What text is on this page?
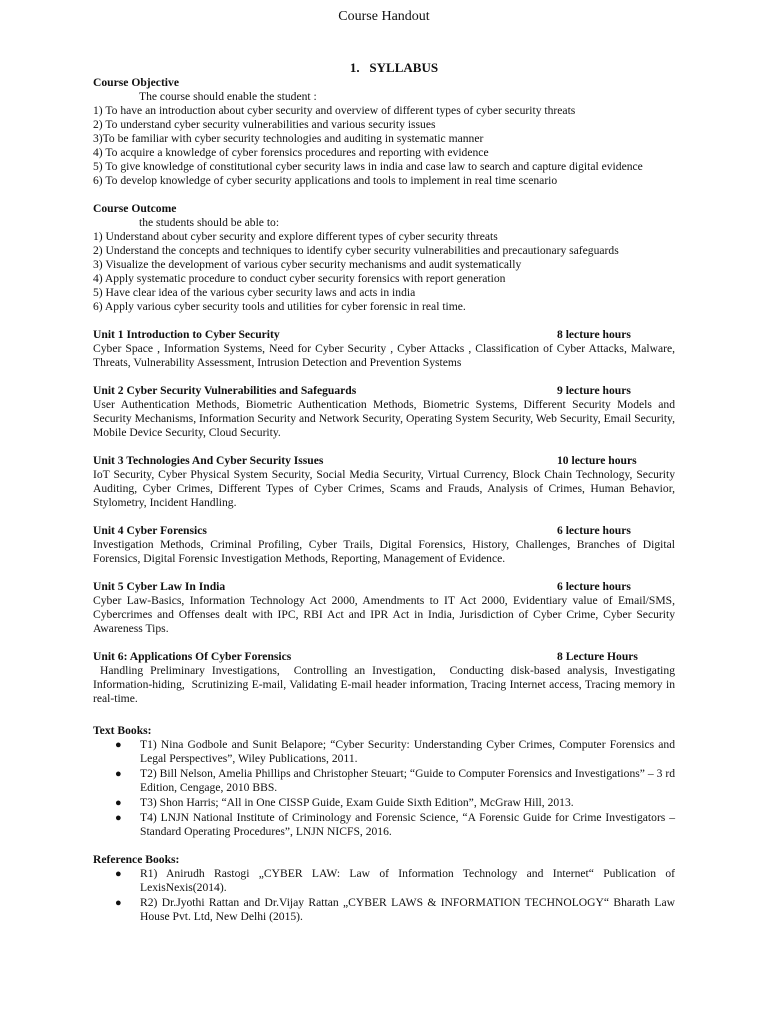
Course Handout
1.   SYLLABUS

Course Objective

The course should enable the student :

1) To have an introduction about cyber security and overview of different types of cyber security threats

2) To understand cyber security vulnerabilities and various security issues

3)To be familiar with cyber security technologies and auditing in systematic manner

4) To acquire a knowledge of cyber forensics procedures and reporting with evidence

5) To give knowledge of constitutional cyber security laws in india and case law to search and capture digital evidence

6) To develop knowledge of cyber security applications and tools to implement in real time scenario

Course Outcome

the students should be able to:

1) Understand about cyber security and explore different types of cyber security threats

2) Understand the concepts and techniques to identify cyber security vulnerabilities and precautionary safeguards

3) Visualize the development of various cyber security mechanisms and audit systematically

4) Apply systematic procedure to conduct cyber security forensics with report generation

5) Have clear idea of the various cyber security laws and acts in india

6) Apply various cyber security tools and utilities for cyber forensic in real time.

Unit 1 Introduction to Cyber Security	8 lecture hours

Cyber Space , Information Systems, Need for Cyber Security , Cyber Attacks , Classification of Cyber Attacks, Malware, Threats, Vulnerability Assessment, Intrusion Detection and Prevention Systems

Unit 2 Cyber Security Vulnerabilities and Safeguards	9 lecture hours

User Authentication Methods, Biometric Authentication Methods, Biometric Systems, Different Security Models and Security Mechanisms, Information Security and Network Security, Operating System Security, Web Security, Email Security, Mobile Device Security, Cloud Security.

Unit 3 Technologies And Cyber Security Issues	10 lecture hours

IoT Security, Cyber Physical System Security, Social Media Security, Virtual Currency, Block Chain Technology, Security Auditing, Cyber Crimes, Different Types of Cyber Crimes, Scams and Frauds, Analysis of Crimes, Human Behavior, Stylometry, Incident Handling.

Unit 4 Cyber Forensics	6 lecture hours

Investigation Methods, Criminal Profiling, Cyber Trails, Digital Forensics, History, Challenges, Branches of Digital Forensics, Digital Forensic Investigation Methods, Reporting, Management of Evidence.

Unit 5 Cyber Law In India	6 lecture hours

Cyber Law-Basics, Information Technology Act 2000, Amendments to IT Act 2000, Evidentiary value of Email/SMS, Cybercrimes and Offenses dealt with IPC, RBI Act and IPR Act in India, Jurisdiction of Cyber Crime, Cyber Security Awareness Tips.

Unit 6: Applications Of Cyber Forensics	8 Lecture Hours

Handling Preliminary Investigations,  Controlling an Investigation,  Conducting disk-based analysis, Investigating Information-hiding,  Scrutinizing E-mail, Validating E-mail header information, Tracing Internet access, Tracing memory in real-time.

Text Books:

● T1) Nina Godbole and Sunit Belapore; “Cyber Security: Understanding Cyber Crimes, Computer Forensics and Legal Perspectives”, Wiley Publications, 2011.
● T2) Bill Nelson, Amelia Phillips and Christopher Steuart; “Guide to Computer Forensics and Investigations” – 3 rd Edition, Cengage, 2010 BBS.
● T3) Shon Harris; “All in One CISSP Guide, Exam Guide Sixth Edition”, McGraw Hill, 2013.
● T4) LNJN National Institute of Criminology and Forensic Science, “A Forensic Guide for Crime Investigators – Standard Operating Procedures”, LNJN NICFS, 2016.

Reference Books:

● R1) Anirudh Rastogi „CYBER LAW: Law of Information Technology and Internet“ Publication of LexisNexis(2014).
● R2) Dr.Jyothi Rattan and Dr.Vijay Rattan „CYBER LAWS & INFORMATION TECHNOLOGY“ Bharath Law House Pvt. Ltd, New Delhi (2015).
